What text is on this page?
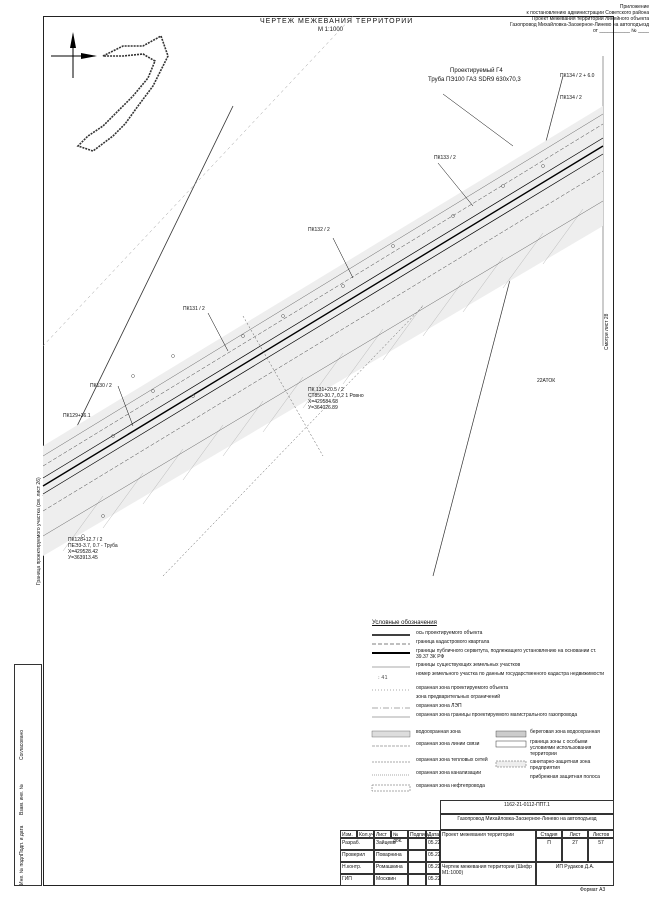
ЧЕРТЕЖ МЕЖЕВАНИЯ ТЕРРИТОРИИ
М 1:1000
Приложение
к постановлению администрации Советского района
Проект межевания территории линейного объекта
Газопровод Михайловка-Заозерное-Линево на автоподъезд
от ___________ № ____
Проектируемый Г4
Труба ПЭ100 ГАЗ SDR9 630х70,3
ПК134 / 2 + 6.0
ПК134 / 2
ПК133 / 2
ПК132 / 2
ПК131 / 2
ПК130 / 2
ПК129+36.1
ПК 131+20.5 / 2
СТ850-30.7, 0,2 1 Ровно
Х=429584.68
У=364026.89
ПК128+12.7 / 2
ПЕЭ3-3.7, 0.7 - Труба
Х=429528.42
У=363913.45
22АТОК
Смотри лист 28
Граница проектируемого участка (см. лист 26)
Условные обозначения
ось проектируемого объекта
граница кадастрового квартала
границы публичного сервитута, подлежащего установлению на основании ст. 39.37 ЗК РФ
границы существующих земельных участков
: 41
номер земельного участка по данным государственного кадастра недвижимости
охранная зона проектируемого объекта
зона предварительных ограничений
охранная зона ЛЭП
охранная зона границы проектируемого магистрального газопровода
водоохранная зона
охранная зона линии связи
охранная зона тепловых сетей
охранная зона канализации
охранная зона нефтепровода
береговая зона водоохранная
граница зоны с особыми условиями использования территории
санитарно-защитная зона предприятия
прибрежная защитная полоса
Согласовано
Взам. инв. №
Подп. и дата
Инв. № подл.
1162-21-0112-ППТ.1
Газопровод Михайловка-Заозерное-Линево на автоподъезд
Изм.	Кол.уч Лист	№ док.
Подпись
Дата
Разраб.	Зайцева	05.22
Проверил	Поварнина	05.22
Н.контр.	Ромашкина	05.22
ГИП	Москвин	05.22
Проект межевания территории
Чертеж межевания территории (Шифр М1:1000)
Стадия	Лист	Листов
П	27	57
ИП Рудаков Д.А.
Формат А3
